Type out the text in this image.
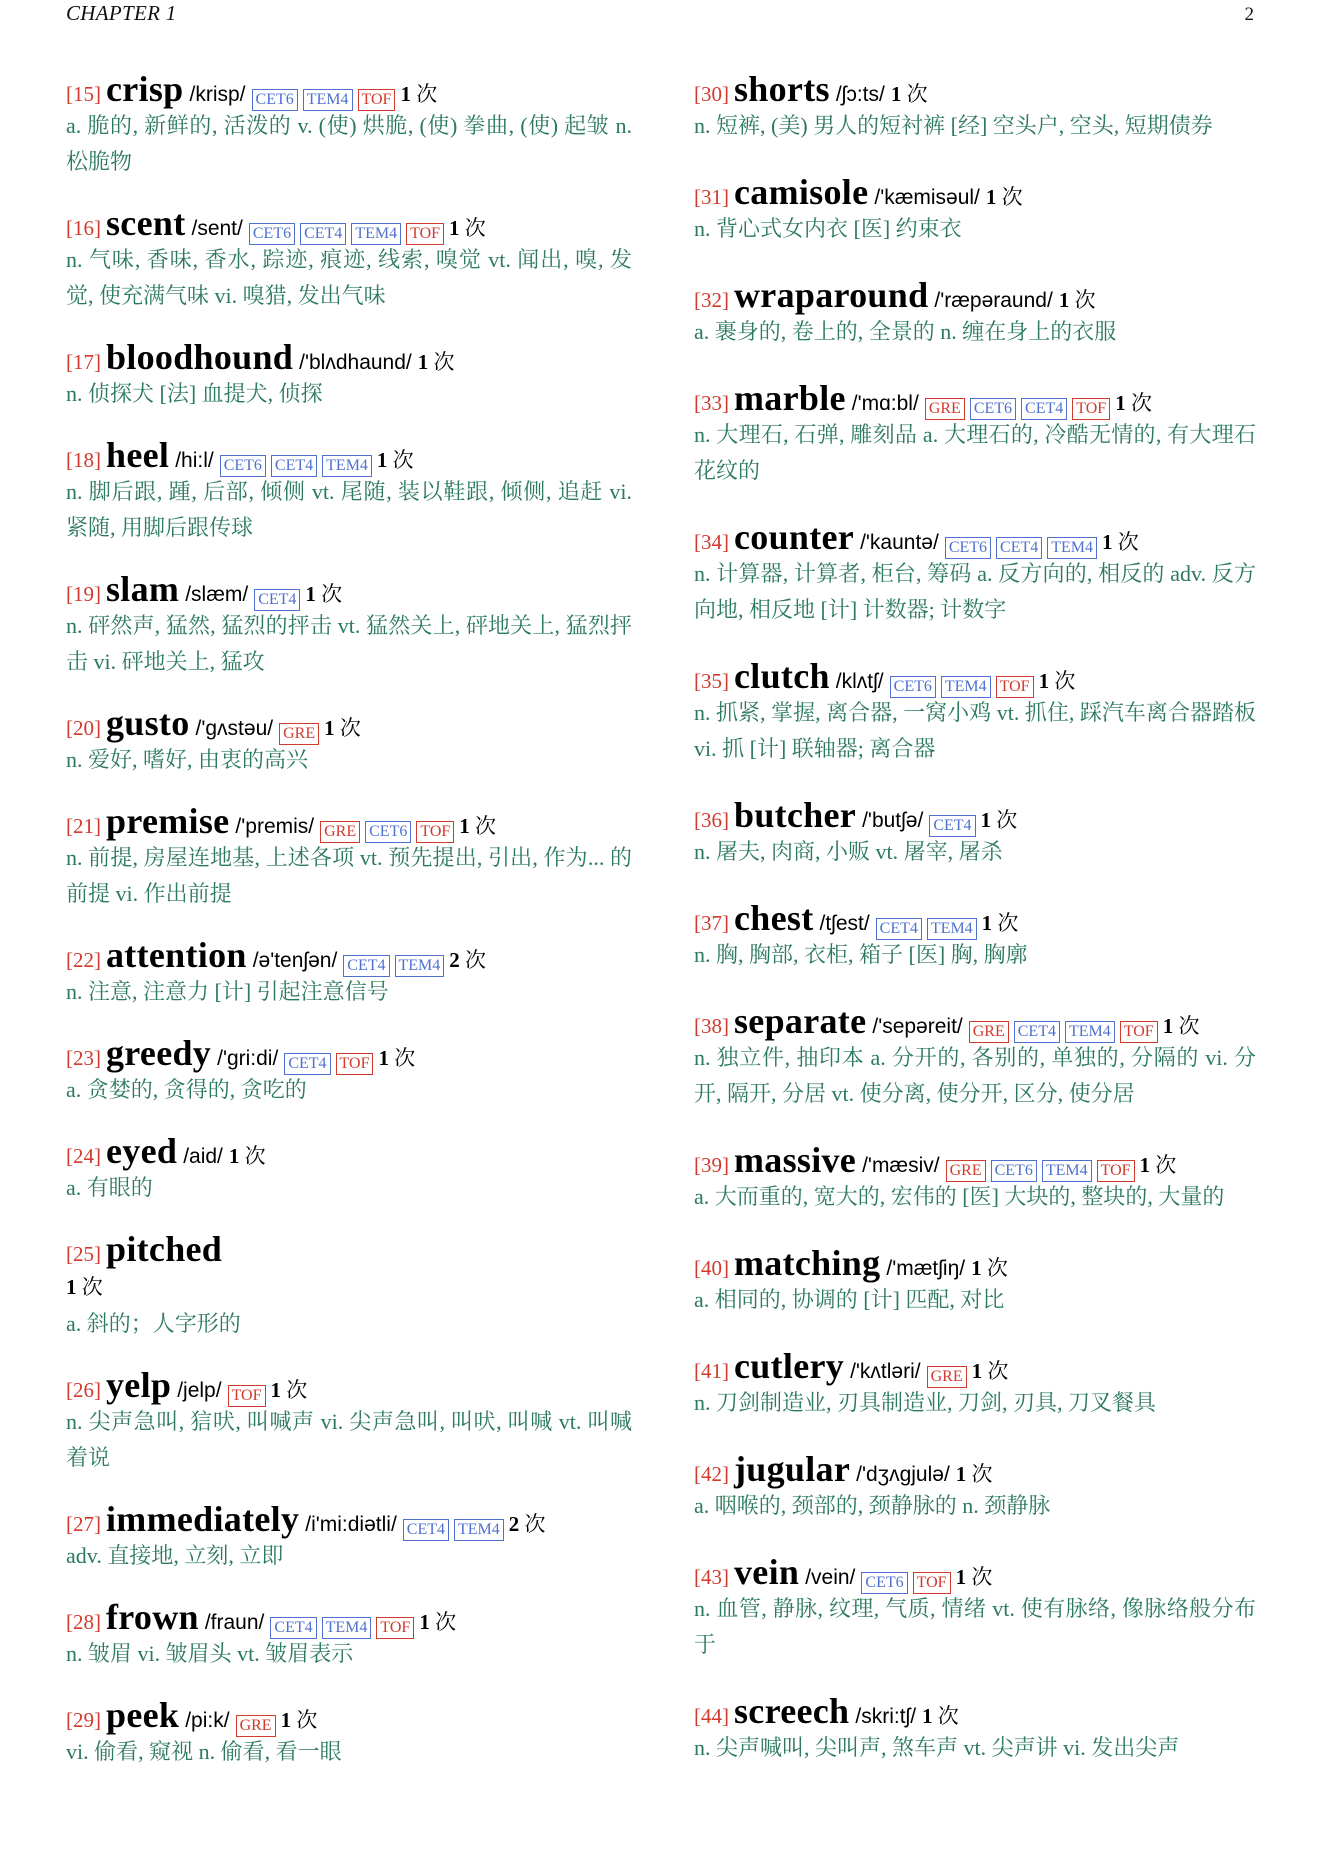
CHAPTER 1	2
[15] crisp /krisp/ CET6 TEM4 TOF 1 次
a. 脆的, 新鲜的, 活泼的 v. (使) 烘脆, (使) 拳曲, (使) 起皱 n. 松脆物
[16] scent /sent/ CET6 CET4 TEM4 TOF 1 次
n. 气味, 香味, 香水, 踪迹, 痕迹, 线索, 嗅觉 vt. 闻出, 嗅, 发觉, 使充满气味 vi. 嗅猎, 发出气味
[17] bloodhound /'blʌdhaund/ 1 次
n. 侦探犬 [法] 血提犬, 侦探
[18] heel /hi:l/ CET6 CET4 TEM4 1 次
n. 脚后跟, 踵, 后部, 倾侧 vt. 尾随, 装以鞋跟, 倾侧, 追赶 vi. 紧随, 用脚后跟传球
[19] slam /slæm/ CET4 1 次
n. 砰然声, 猛然, 猛烈的抨击 vt. 猛然关上, 砰地关上, 猛烈抨击 vi. 砰地关上, 猛攻
[20] gusto /'gʌstəu/ GRE 1 次
n. 爱好, 嗜好, 由衷的高兴
[21] premise /'premis/ GRE CET6 TOF 1 次
n. 前提, 房屋连地基, 上述各项 vt. 预先提出, 引出, 作为... 的前提 vi. 作出前提
[22] attention /ə'tenʃən/ CET4 TEM4 2 次
n. 注意, 注意力 [计] 引起注意信号
[23] greedy /'gri:di/ CET4 TOF 1 次
a. 贪婪的, 贪得的, 贪吃的
[24] eyed /aid/ 1 次
a. 有眼的
[25] pitched
1 次
a. 斜的；人字形的
[26] yelp /jelp/ TOF 1 次
n. 尖声急叫, 狺吠, 叫喊声 vi. 尖声急叫, 叫吠, 叫喊 vt. 叫喊着说
[27] immediately /i'mi:diətli/ CET4 TEM4 2 次
adv. 直接地, 立刻, 立即
[28] frown /fraun/ CET4 TEM4 TOF 1 次
n. 皱眉 vi. 皱眉头 vt. 皱眉表示
[29] peek /pi:k/ GRE 1 次
vi. 偷看, 窥视 n. 偷看, 看一眼
[30] shorts /ʃɔ:ts/ 1 次
n. 短裤, (美) 男人的短衬裤 [经] 空头户, 空头, 短期债券
[31] camisole /'kæmisəul/ 1 次
n. 背心式女内衣 [医] 约束衣
[32] wraparound /'ræpəraund/ 1 次
a. 裹身的, 卷上的, 全景的 n. 缠在身上的衣服
[33] marble /'mɑ:bl/ GRE CET6 CET4 TOF 1 次
n. 大理石, 石弹, 雕刻品 a. 大理石的, 冷酷无情的, 有大理石花纹的
[34] counter /'kauntə/ CET6 CET4 TEM4 1 次
n. 计算器, 计算者, 柜台, 筹码 a. 反方向的, 相反的 adv. 反方向地, 相反地 [计] 计数器; 计数字
[35] clutch /klʌtʃ/ CET6 TEM4 TOF 1 次
n. 抓紧, 掌握, 离合器, 一窝小鸡 vt. 抓住, 踩汽车离合器踏板 vi. 抓 [计] 联轴器; 离合器
[36] butcher /'butʃə/ CET4 1 次
n. 屠夫, 肉商, 小贩 vt. 屠宰, 屠杀
[37] chest /tʃest/ CET4 TEM4 1 次
n. 胸, 胸部, 衣柜, 箱子 [医] 胸, 胸廓
[38] separate /'sepəreit/ GRE CET4 TEM4 TOF 1 次
n. 独立件, 抽印本 a. 分开的, 各别的, 单独的, 分隔的 vi. 分开, 隔开, 分居 vt. 使分离, 使分开, 区分, 使分居
[39] massive /'mæsiv/ GRE CET6 TEM4 TOF 1 次
a. 大而重的, 宽大的, 宏伟的 [医] 大块的, 整块的, 大量的
[40] matching /'mætʃiŋ/ 1 次
a. 相同的, 协调的 [计] 匹配, 对比
[41] cutlery /'kʌtləri/ GRE 1 次
n. 刀剑制造业, 刃具制造业, 刀剑, 刃具, 刀叉餐具
[42] jugular /'dʒʌgjulə/ 1 次
a. 咽喉的, 颈部的, 颈静脉的 n. 颈静脉
[43] vein /vein/ CET6 TOF 1 次
n. 血管, 静脉, 纹理, 气质, 情绪 vt. 使有脉络, 像脉络般分布于
[44] screech /skri:tʃ/ 1 次
n. 尖声喊叫, 尖叫声, 煞车声 vt. 尖声讲 vi. 发出尖声
